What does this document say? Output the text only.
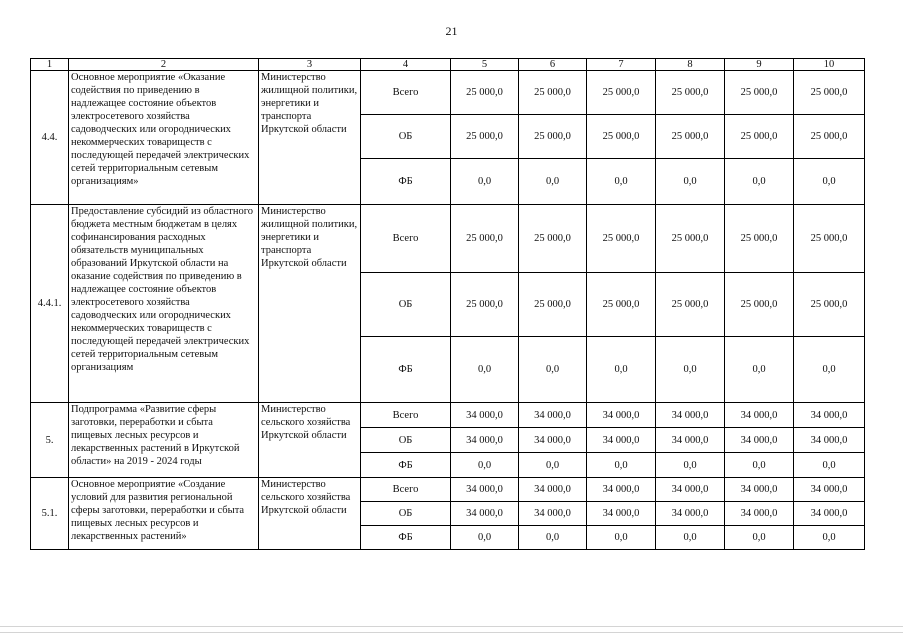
21
1	2	3	4	5	6	7	8	9	10
4.4.	Основное мероприятие «Оказание содействия по приведению в надлежащее состояние объектов электросетевого хозяйства садоводческих или огороднических некоммерческих товариществ с последующей передачей электрических сетей территориальным сетевым организациям»	Министерство жилищной политики, энергетики и транспорта Иркутской области	Всего	25 000,0	25 000,0	25 000,0	25 000,0	25 000,0	25 000,0
			ОБ	25 000,0	25 000,0	25 000,0	25 000,0	25 000,0	25 000,0
			ФБ	0,0	0,0	0,0	0,0	0,0	0,0
4.4.1.	Предоставление субсидий из областного бюджета местным бюджетам в целях софинансирования расходных обязательств муниципальных образований Иркутской области на оказание содействия по приведению в надлежащее состояние объектов электросетевого хозяйства садоводческих или огороднических некоммерческих товариществ с последующей передачей электрических сетей территориальным сетевым организациям	Министерство жилищной политики, энергетики и транспорта Иркутской области	Всего	25 000,0	25 000,0	25 000,0	25 000,0	25 000,0	25 000,0
			ОБ	25 000,0	25 000,0	25 000,0	25 000,0	25 000,0	25 000,0
			ФБ	0,0	0,0	0,0	0,0	0,0	0,0
5.	Подпрограмма «Развитие сферы заготовки, переработки и сбыта пищевых лесных ресурсов и лекарственных растений в Иркутской области» на 2019 - 2024 годы	Министерство сельского хозяйства Иркутской области	Всего	34 000,0	34 000,0	34 000,0	34 000,0	34 000,0	34 000,0
			ОБ	34 000,0	34 000,0	34 000,0	34 000,0	34 000,0	34 000,0
			ФБ	0,0	0,0	0,0	0,0	0,0	0,0
5.1.	Основное мероприятие «Создание условий для развития региональной сферы заготовки, переработки и сбыта пищевых лесных ресурсов и лекарственных растений»	Министерство сельского хозяйства Иркутской области	Всего	34 000,0	34 000,0	34 000,0	34 000,0	34 000,0	34 000,0
			ОБ	34 000,0	34 000,0	34 000,0	34 000,0	34 000,0	34 000,0
			ФБ	0,0	0,0	0,0	0,0	0,0	0,0
